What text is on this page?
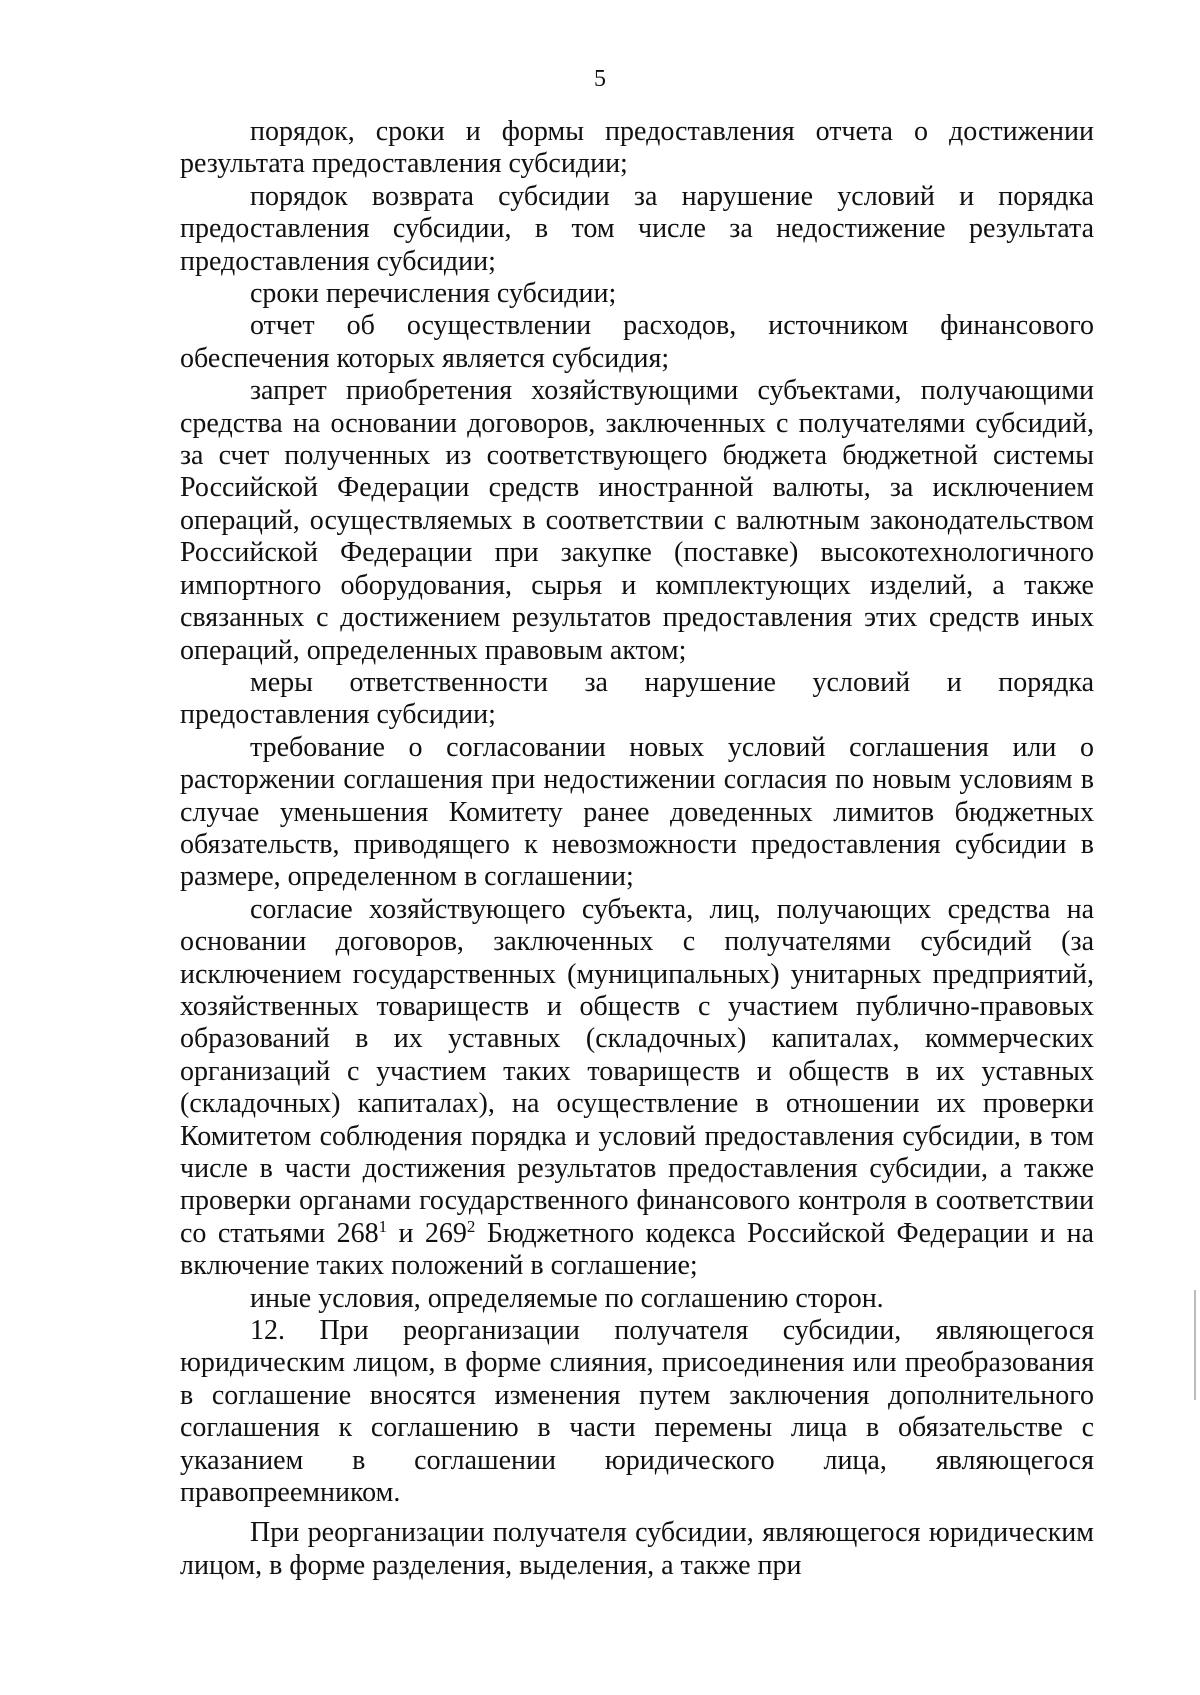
5

порядок, сроки и формы предоставления отчета о достижении результата предоставления субсидии;

порядок возврата субсидии за нарушение условий и порядка предоставления субсидии, в том числе за недостижение результата предоставления субсидии;

сроки перечисления субсидии;

отчет об осуществлении расходов, источником финансового обеспечения которых является субсидия;

запрет приобретения хозяйствующими субъектами, получающими средства на основании договоров, заключенных с получателями субсидий, за счет полученных из соответствующего бюджета бюджетной системы Российской Федерации средств иностранной валюты, за исключением операций, осуществляемых в соответствии с валютным законодательством Российской Федерации при закупке (поставке) высокотехнологичного импортного оборудования, сырья и комплектующих изделий, а также связанных с достижением результатов предоставления этих средств иных операций, определенных правовым актом;

меры ответственности за нарушение условий и порядка предоставления субсидии;

требование о согласовании новых условий соглашения или о расторжении соглашения при недостижении согласия по новым условиям в случае уменьшения Комитету ранее доведенных лимитов бюджетных обязательств, приводящего к невозможности предоставления субсидии в размере, определенном в соглашении;

согласие хозяйствующего субъекта, лиц, получающих средства на основании договоров, заключенных с получателями субсидий (за исключением государственных (муниципальных) унитарных предприятий, хозяйственных товариществ и обществ с участием публично-правовых образований в их уставных (складочных) капиталах, коммерческих организаций с участием таких товариществ и обществ в их уставных (складочных) капиталах), на осуществление в отношении их проверки Комитетом соблюдения порядка и условий предоставления субсидии, в том числе в части достижения результатов предоставления субсидии, а также проверки органами государственного финансового контроля в соответствии со статьями $268^1$ и $269^2$ Бюджетного кодекса Российской Федерации и на включение таких положений в соглашение;

иные условия, определяемые по соглашению сторон.

12. При реорганизации получателя субсидии, являющегося юридическим лицом, в форме слияния, присоединения или преобразования в соглашение вносятся изменения путем заключения дополнительного соглашения к соглашению в части перемены лица в обязательстве с указанием в соглашении юридического лица, являющегося правопреемником.

При реорганизации получателя субсидии, являющегося юридическим лицом, в форме разделения, выделения, а также при
